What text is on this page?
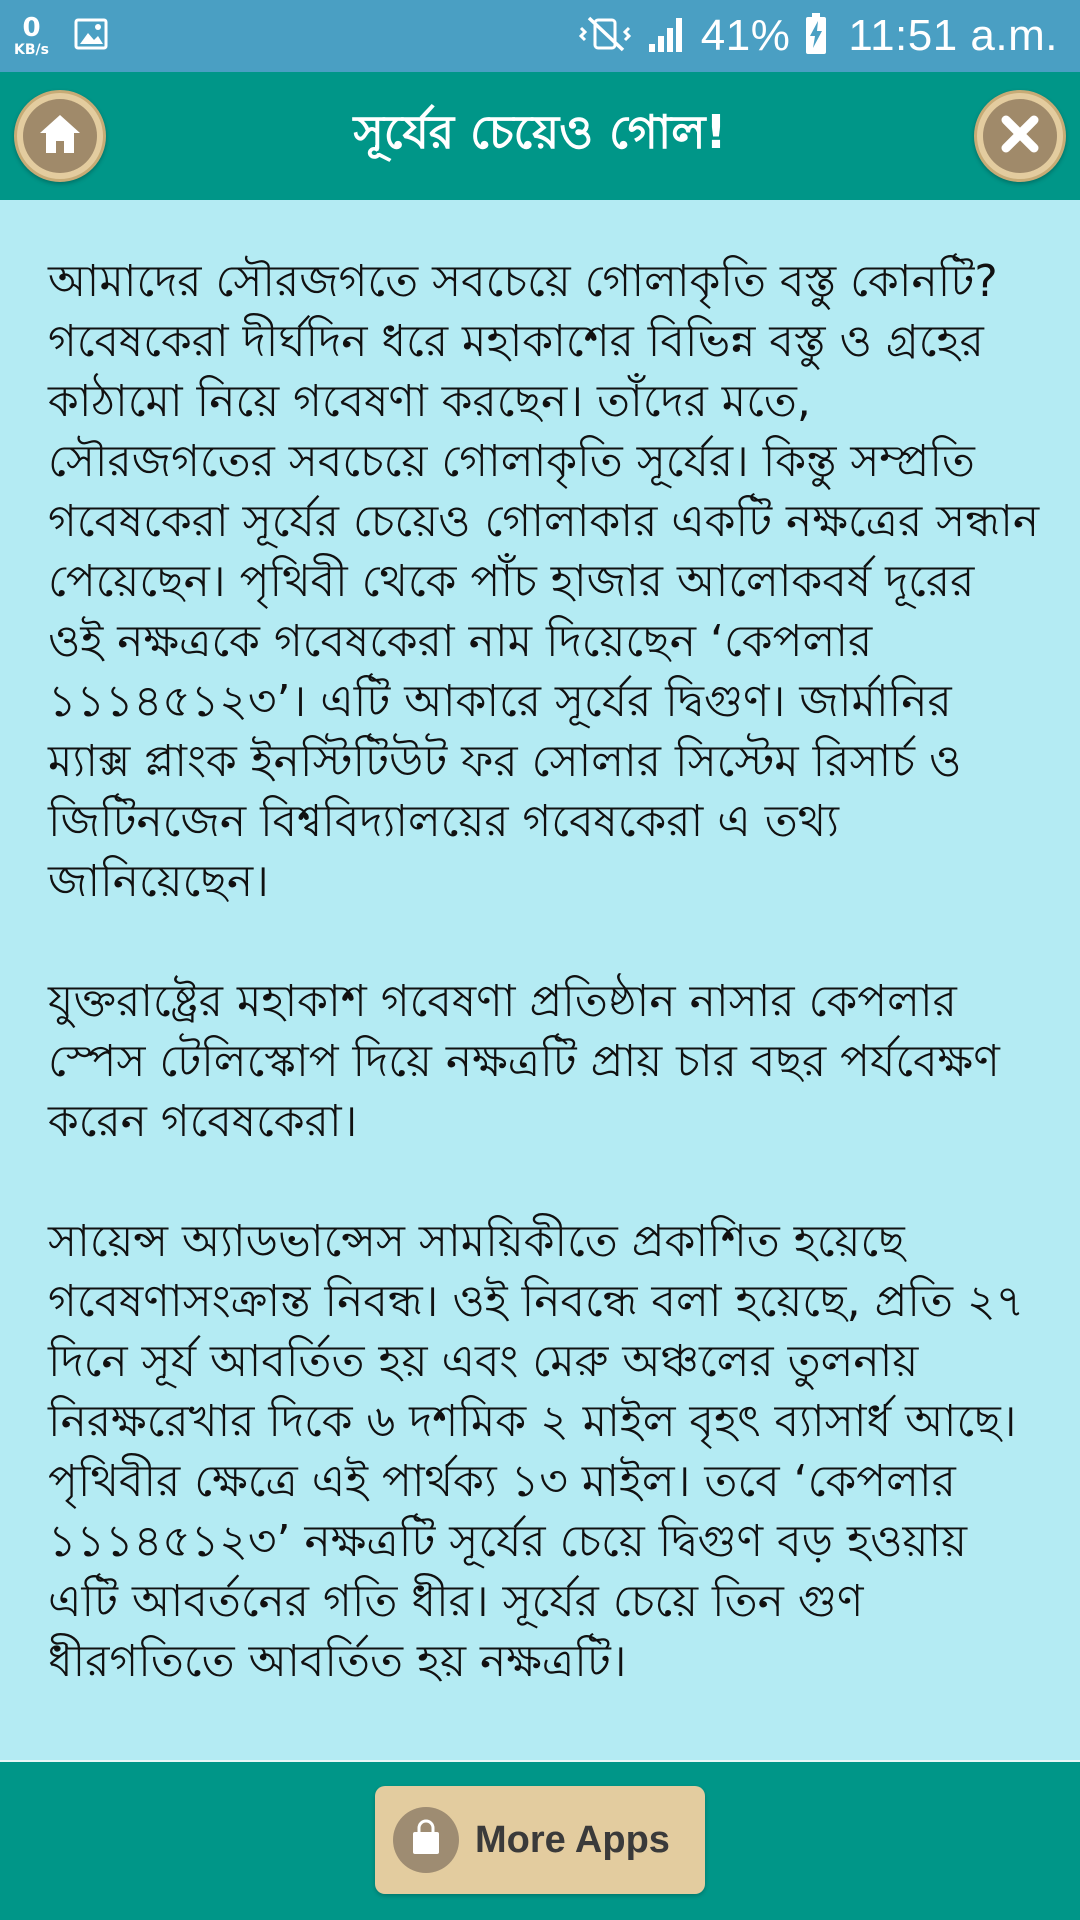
0
KB/s	41% 11:51 a.m.
সূর্যের চেয়েও গোল!

আমাদের সৌরজগতে সবচেয়ে গোলাকৃতি বস্তু কোনটি? গবেষকেরা দীর্ঘদিন ধরে মহাকাশের বিভিন্ন বস্তু ও গ্রহের কাঠামো নিয়ে গবেষণা করছেন। তাঁদের মতে, সৌরজগতের সবচেয়ে গোলাকৃতি সূর্যের। কিন্তু সম্প্রতি গবেষকেরা সূর্যের চেয়েও গোলাকার একটি নক্ষত্রের সন্ধান পেয়েছেন। পৃথিবী থেকে পাঁচ হাজার আলোকবর্ষ দূরের ওই নক্ষত্রকে গবেষকেরা নাম দিয়েছেন ‘কেপলার ১১১৪৫১২৩’। এটি আকারে সূর্যের দ্বিগুণ। জার্মানির ম্যাক্স প্লাংক ইনস্টিটিউট ফর সোলার সিস্টেম রিসার্চ ও জিটিনজেন বিশ্ববিদ্যালয়ের গবেষকেরা এ তথ্য জানিয়েছেন।

যুক্তরাষ্ট্রের মহাকাশ গবেষণা প্রতিষ্ঠান নাসার কেপলার স্পেস টেলিস্কোপ দিয়ে নক্ষত্রটি প্রায় চার বছর পর্যবেক্ষণ করেন গবেষকেরা।

সায়েন্স অ্যাডভান্সেস সাময়িকীতে প্রকাশিত হয়েছে গবেষণাসংক্রান্ত নিবন্ধ। ওই নিবন্ধে বলা হয়েছে, প্রতি ২৭ দিনে সূর্য আবর্তিত হয় এবং মেরু অঞ্চলের তুলনায় নিরক্ষরেখার দিকে ৬ দশমিক ২ মাইল বৃহৎ ব্যাসার্ধ আছে। পৃথিবীর ক্ষেত্রে এই পার্থক্য ১৩ মাইল। তবে ‘কেপলার ১১১৪৫১২৩’ নক্ষত্রটি সূর্যের চেয়ে দ্বিগুণ বড় হওয়ায় এটি আবর্তনের গতি ধীর। সূর্যের চেয়ে তিন গুণ ধীরগতিতে আবর্তিত হয় নক্ষত্রটি।

More Apps
